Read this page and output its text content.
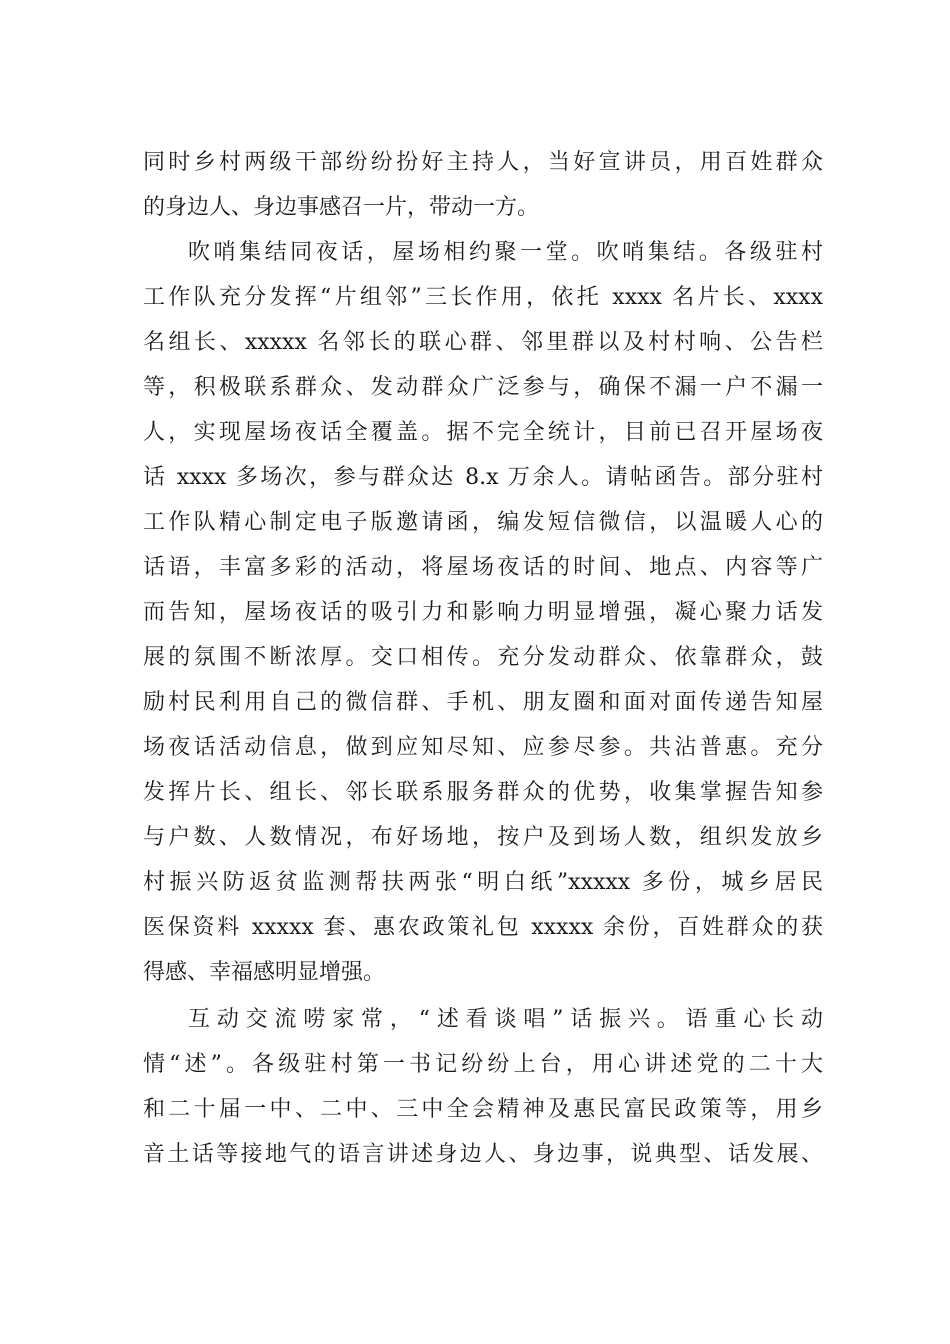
同时乡村两级干部纷纷扮好主持人，当好宣讲员，用百姓群众
的身边人、身边事感召一片，带动一方。
吹哨集结同夜话，屋场相约聚一堂。吹哨集结。各级驻村
工作队充分发挥“片组邻”三长作用，依托 xxxx 名片长、xxxx
名组长、xxxxx 名邻长的联心群、邻里群以及村村响、公告栏
等，积极联系群众、发动群众广泛参与，确保不漏一户不漏一
人，实现屋场夜话全覆盖。据不完全统计，目前已召开屋场夜
话 xxxx 多场次，参与群众达 8.x 万余人。请帖函告。部分驻村
工作队精心制定电子版邀请函，编发短信微信，以温暖人心的
话语，丰富多彩的活动，将屋场夜话的时间、地点、内容等广
而告知，屋场夜话的吸引力和影响力明显增强，凝心聚力话发
展的氛围不断浓厚。交口相传。充分发动群众、依靠群众，鼓
励村民利用自己的微信群、手机、朋友圈和面对面传递告知屋
场夜话活动信息，做到应知尽知、应参尽参。共沾普惠。充分
发挥片长、组长、邻长联系服务群众的优势，收集掌握告知参
与户数、人数情况，布好场地，按户及到场人数，组织发放乡
村振兴防返贫监测帮扶两张“明白纸”xxxxx 多份，城乡居民
医保资料 xxxxx 套、惠农政策礼包 xxxxx 余份，百姓群众的获
得感、幸福感明显增强。
互动交流唠家常，“述看谈唱”话振兴。语重心长动
情“述”。各级驻村第一书记纷纷上台，用心讲述党的二十大
和二十届一中、二中、三中全会精神及惠民富民政策等，用乡
音土话等接地气的语言讲述身边人、身边事，说典型、话发展、
